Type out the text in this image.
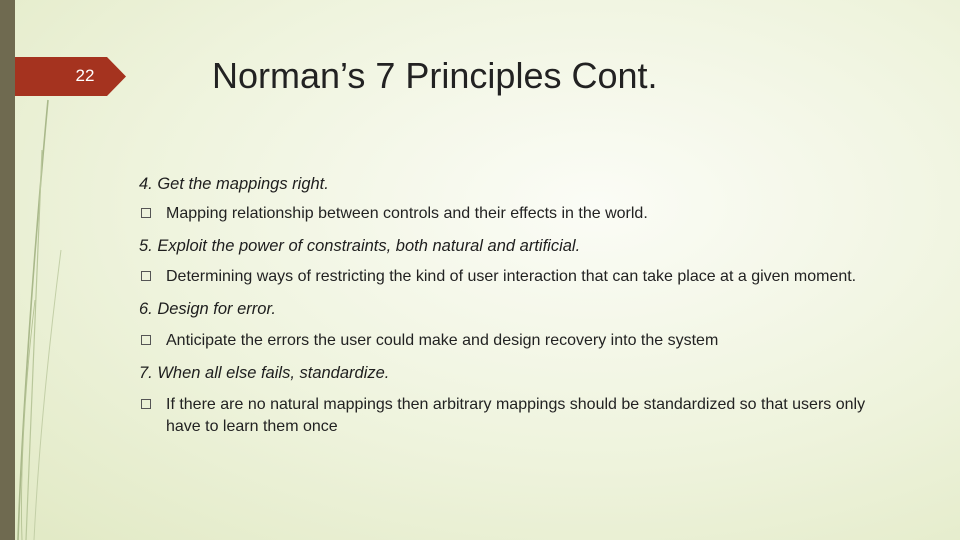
22	Norman’s 7 Principles Cont.

4. Get the mappings right.

Mapping relationship between controls and their effects in the world.

5. Exploit the power of constraints, both natural and artificial.

Determining ways of restricting the kind of user interaction that can take place at a given moment.

6. Design for error.

Anticipate the errors the user could make and design recovery into the system

7. When all else fails, standardize.

If there are no natural mappings then arbitrary mappings should be standardized so that users only have to learn them once
